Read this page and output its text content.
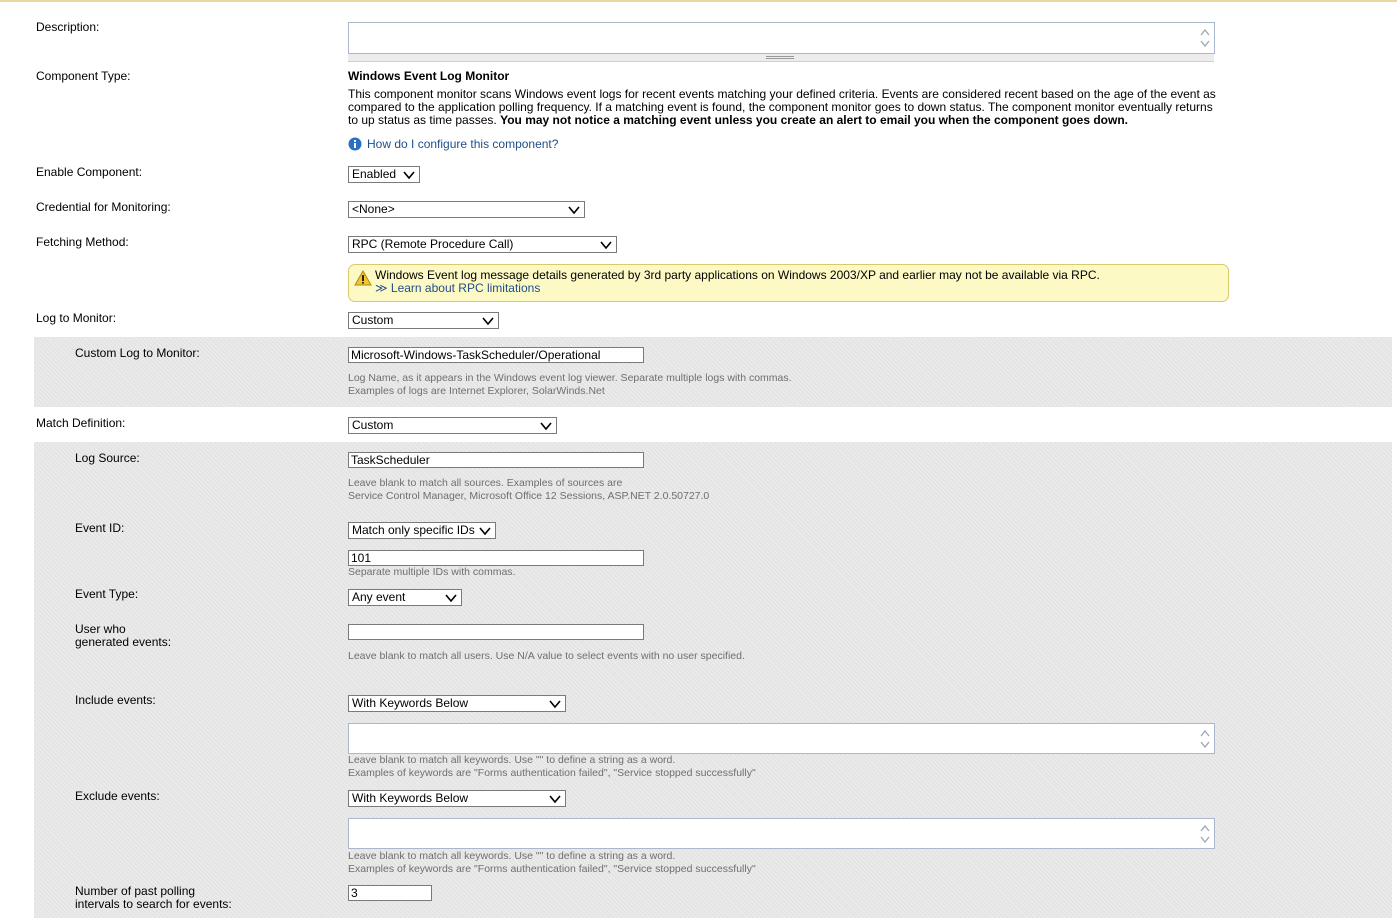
Description:
Component Type:	Windows Event Log Monitor
This component monitor scans Windows event logs for recent events matching your defined criteria. Events are considered recent based on the age of the event as
compared to the application polling frequency. If a matching event is found, the component monitor goes to down status. The component monitor eventually returns
to up status as time passes. You may not notice a matching event unless you create an alert to email you when the component goes down.
How do I configure this component?
Enable Component:	Enabled
Credential for Monitoring:	<None>
Fetching Method:	RPC (Remote Procedure Call)
Windows Event log message details generated by 3rd party applications on Windows 2003/XP and earlier may not be available via RPC.
≫ Learn about RPC limitations
Log to Monitor:	Custom
Custom Log to Monitor:	Microsoft-Windows-TaskScheduler/Operational
Log Name, as it appears in the Windows event log viewer. Separate multiple logs with commas.
Examples of logs are Internet Explorer, SolarWinds.Net
Match Definition:	Custom
Log Source:	TaskScheduler
Leave blank to match all sources. Examples of sources are
Service Control Manager, Microsoft Office 12 Sessions, ASP.NET 2.0.50727.0
Event ID:	Match only specific IDs
101
Separate multiple IDs with commas.
Event Type:	Any event
User who
generated events:
Leave blank to match all users. Use N/A value to select events with no user specified.
Include events:	With Keywords Below
Leave blank to match all keywords. Use "" to define a string as a word.
Examples of keywords are "Forms authentication failed", "Service stopped successfully"
Exclude events:	With Keywords Below
Leave blank to match all keywords. Use "" to define a string as a word.
Examples of keywords are "Forms authentication failed", "Service stopped successfully"
Number of past polling
intervals to search for events:
3
